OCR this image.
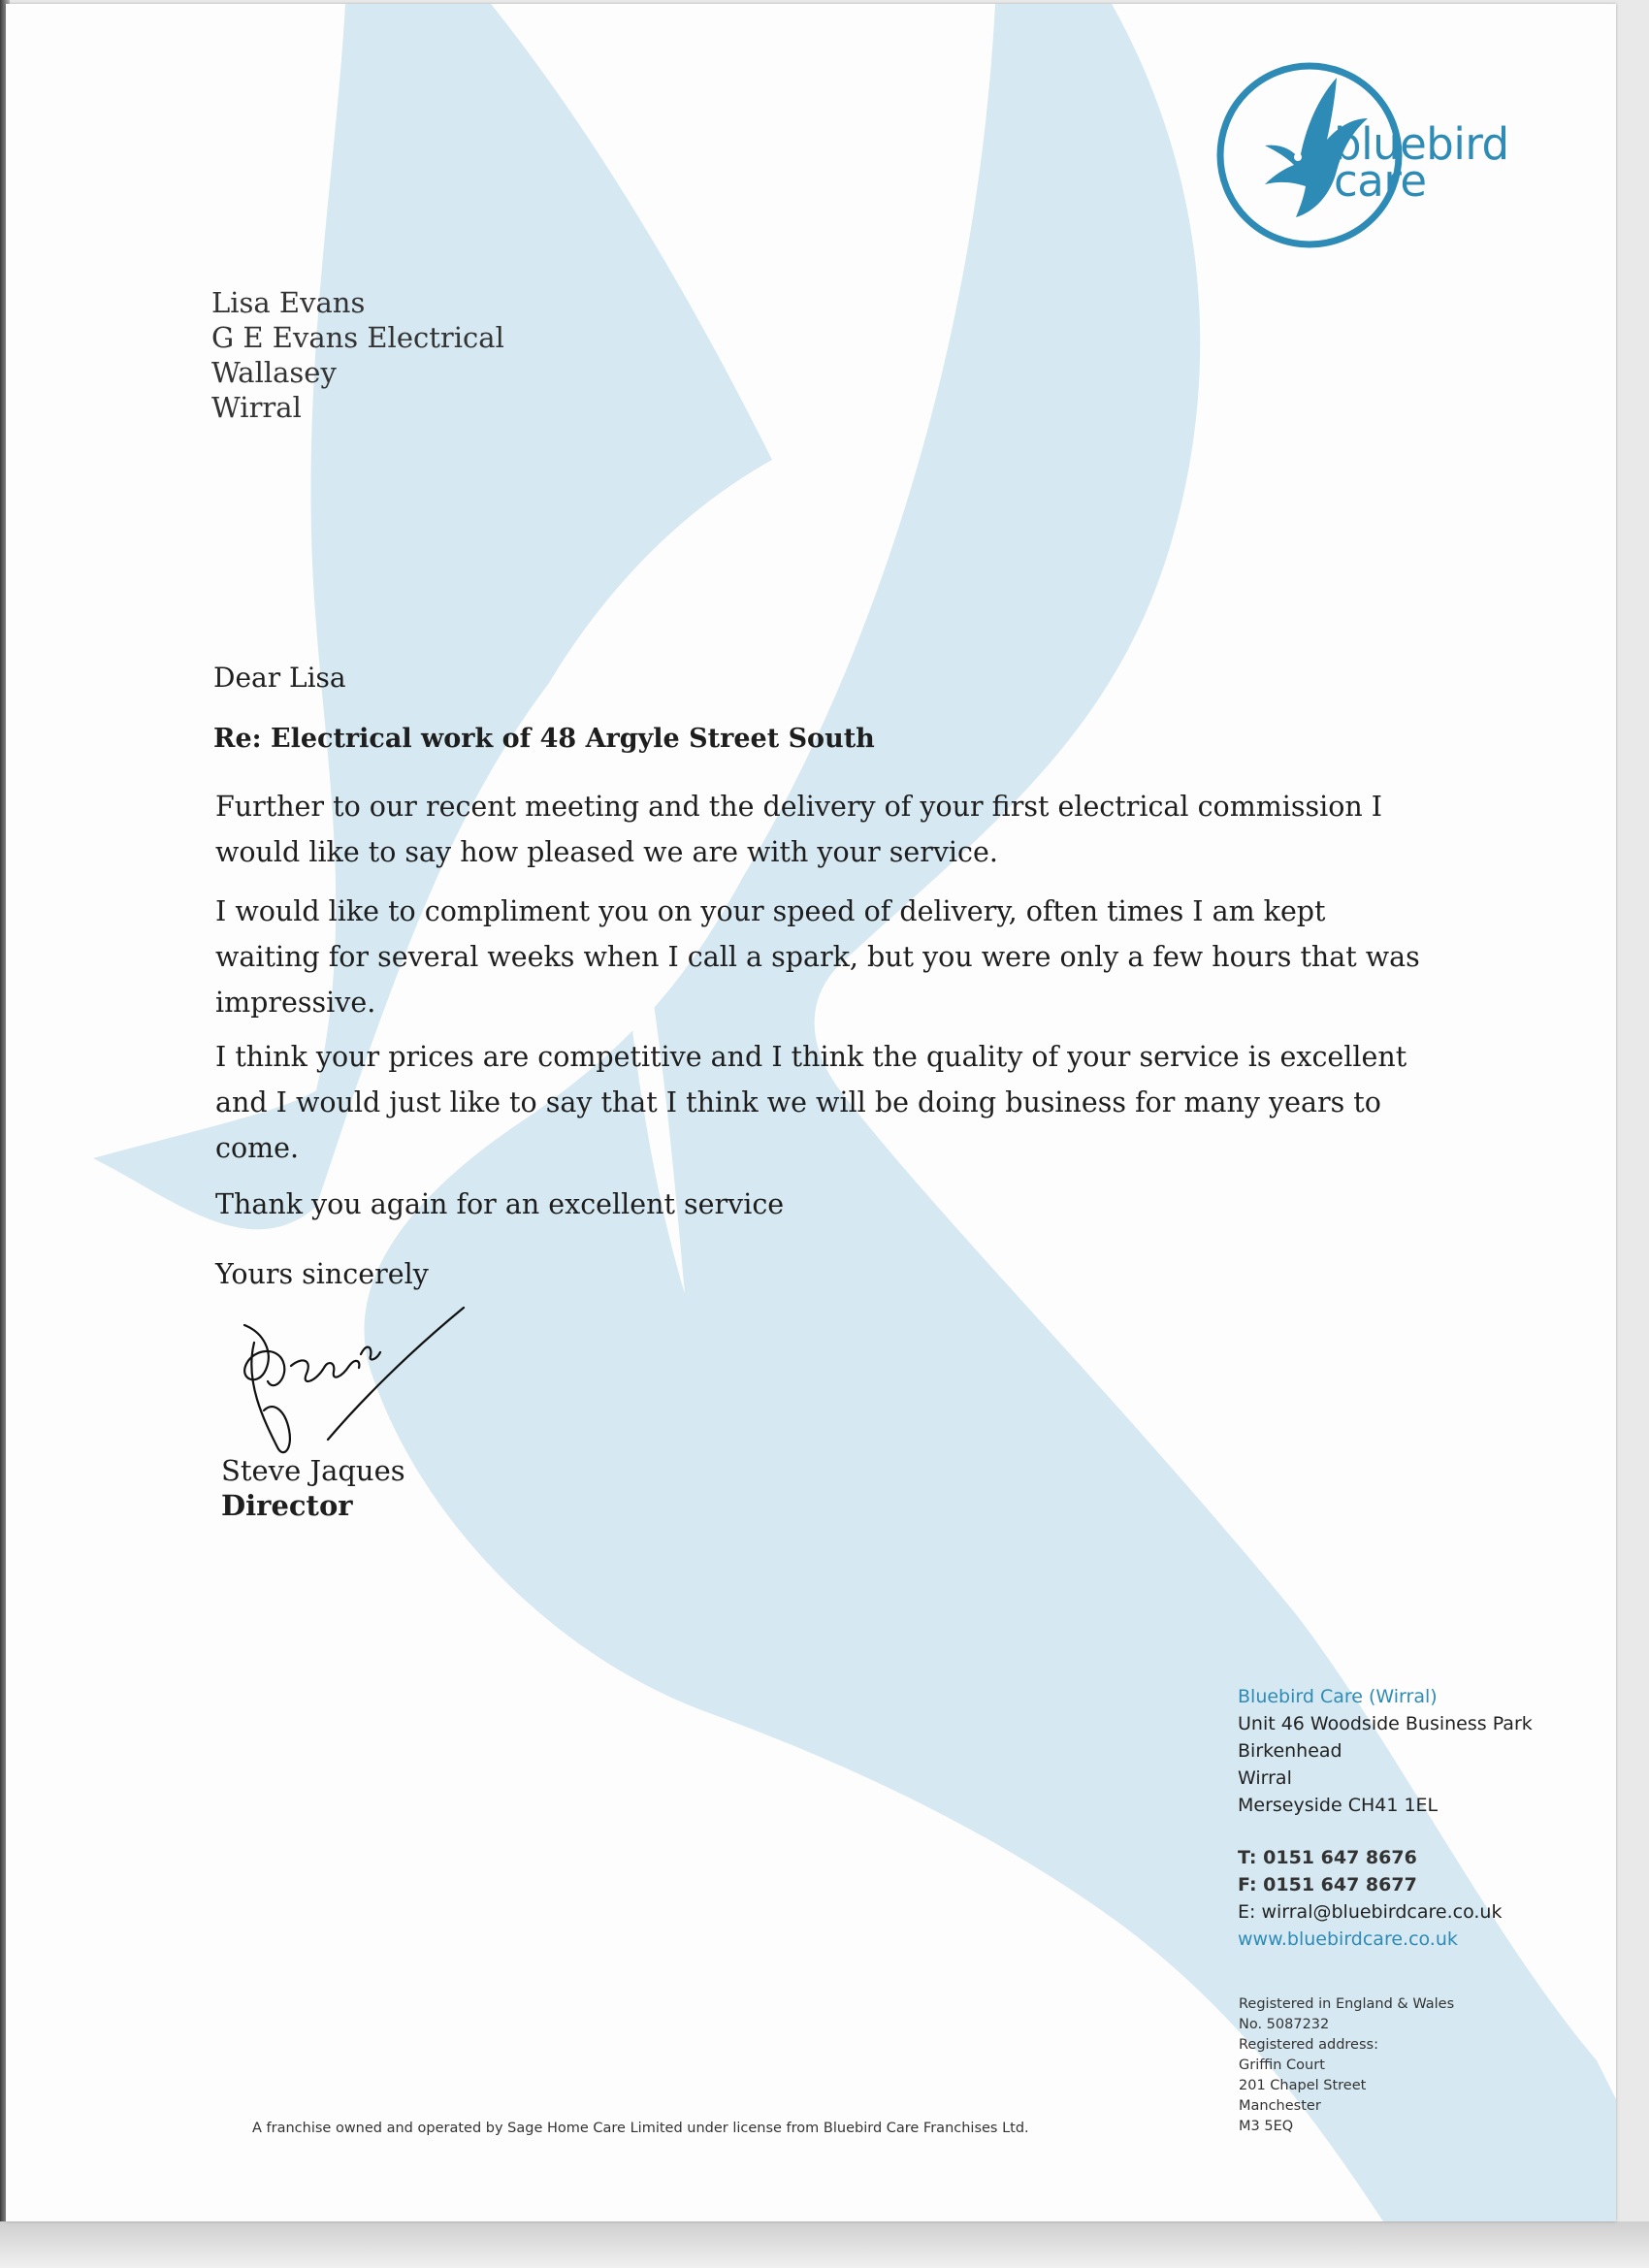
bluebird
care
Lisa Evans
G E Evans Electrical
Wallasey
Wirral
Dear Lisa
Re: Electrical work of 48 Argyle Street South
Further to our recent meeting and the delivery of your first electrical commission I would like to say how pleased we are with your service.
I would like to compliment you on your speed of delivery, often times I am kept waiting for several weeks when I call a spark, but you were only a few hours that was impressive.
I think your prices are competitive and I think the quality of your service is excellent and I would just like to say that I think we will be doing business for many years to come.
Thank you again for an excellent service
Yours sincerely
Steve Jaques
Director
Bluebird Care (Wirral)
Unit 46 Woodside Business Park
Birkenhead
Wirral
Merseyside CH41 1EL
T: 0151 647 8676
F: 0151 647 8677
E: wirral@bluebirdcare.co.uk
www.bluebirdcare.co.uk
Registered in England & Wales
No. 5087232
Registered address:
Griffin Court
201 Chapel Street
Manchester
M3 5EQ
A franchise owned and operated by Sage Home Care Limited under license from Bluebird Care Franchises Ltd.
